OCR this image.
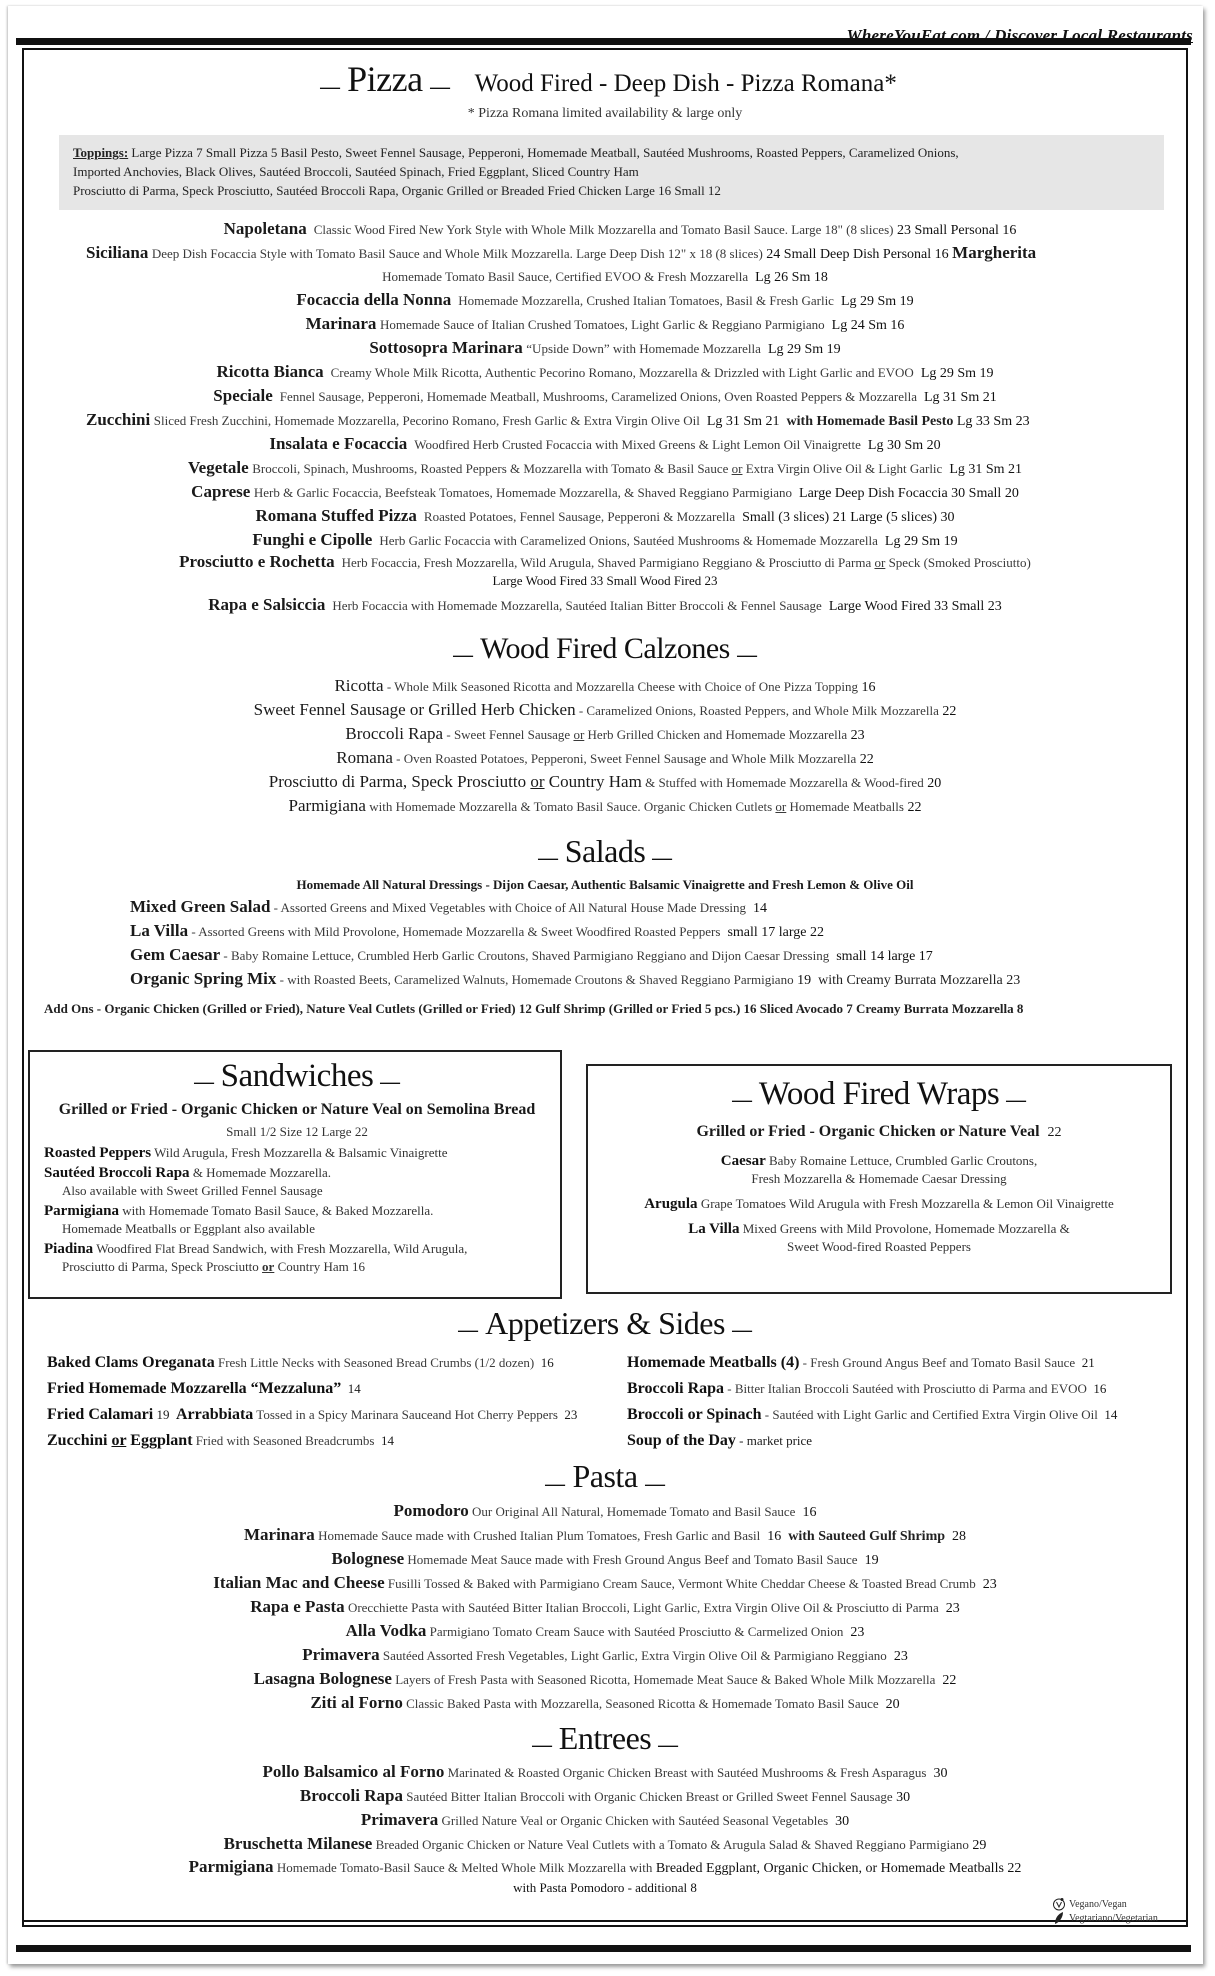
WhereYouEat.com / Discover Local Restaurants
– Pizza – Wood Fired - Deep Dish - Pizza Romana*
* Pizza Romana limited availability & large only
Toppings: Large Pizza 7 Small Pizza 5 Basil Pesto, Sweet Fennel Sausage, Pepperoni, Homemade Meatball, Sautéed Mushrooms, Roasted Peppers, Caramelized Onions,
Imported Anchovies, Black Olives, Sautéed Broccoli, Sautéed Spinach, Fried Eggplant, Sliced Country Ham
Prosciutto di Parma, Speck Prosciutto, Sautéed Broccoli Rapa, Organic Grilled or Breaded Fried Chicken Large 16 Small 12
Napoletana Classic Wood Fired New York Style with Whole Milk Mozzarella and Tomato Basil Sauce. Large 18" (8 slices) 23 Small Personal 16
Siciliana Deep Dish Focaccia Style with Tomato Basil Sauce and Whole Milk Mozzarella. Large Deep Dish 12" x 18 (8 slices) 24 Small Deep Dish Personal 16 Margherita
Homemade Tomato Basil Sauce, Certified EVOO & Fresh Mozzarella Lg 26 Sm 18
Focaccia della Nonna Homemade Mozzarella, Crushed Italian Tomatoes, Basil & Fresh Garlic Lg 29 Sm 19
Marinara Homemade Sauce of Italian Crushed Tomatoes, Light Garlic & Reggiano Parmigiano Lg 24 Sm 16
Sottosopra Marinara “Upside Down” with Homemade Mozzarella Lg 29 Sm 19
Ricotta Bianca Creamy Whole Milk Ricotta, Authentic Pecorino Romano, Mozzarella & Drizzled with Light Garlic and EVOO Lg 29 Sm 19
Speciale Fennel Sausage, Pepperoni, Homemade Meatball, Mushrooms, Caramelized Onions, Oven Roasted Peppers & Mozzarella Lg 31 Sm 21
Zucchini Sliced Fresh Zucchini, Homemade Mozzarella, Pecorino Romano, Fresh Garlic & Extra Virgin Olive Oil Lg 31 Sm 21 with Homemade Basil Pesto Lg 33 Sm 23
Insalata e Focaccia Woodfired Herb Crusted Focaccia with Mixed Greens & Light Lemon Oil Vinaigrette Lg 30 Sm 20
Vegetale Broccoli, Spinach, Mushrooms, Roasted Peppers & Mozzarella with Tomato & Basil Sauce or Extra Virgin Olive Oil & Light Garlic Lg 31 Sm 21
Caprese Herb & Garlic Focaccia, Beefsteak Tomatoes, Homemade Mozzarella, & Shaved Reggiano Parmigiano Large Deep Dish Focaccia 30 Small 20
Romana Stuffed Pizza Roasted Potatoes, Fennel Sausage, Pepperoni & Mozzarella Small (3 slices) 21 Large (5 slices) 30
Funghi e Cipolle Herb Garlic Focaccia with Caramelized Onions, Sautéed Mushrooms & Homemade Mozzarella Lg 29 Sm 19
Prosciutto e Rochetta Herb Focaccia, Fresh Mozzarella, Wild Arugula, Shaved Parmigiano Reggiano & Prosciutto di Parma or Speck (Smoked Prosciutto)
Large Wood Fired 33 Small Wood Fired 23
Rapa e Salsiccia Herb Focaccia with Homemade Mozzarella, Sautéed Italian Bitter Broccoli & Fennel Sausage Large Wood Fired 33 Small 23
– Wood Fired Calzones –
Ricotta - Whole Milk Seasoned Ricotta and Mozzarella Cheese with Choice of One Pizza Topping 16
Sweet Fennel Sausage or Grilled Herb Chicken - Caramelized Onions, Roasted Peppers, and Whole Milk Mozzarella 22
Broccoli Rapa - Sweet Fennel Sausage or Herb Grilled Chicken and Homemade Mozzarella 23
Romana - Oven Roasted Potatoes, Pepperoni, Sweet Fennel Sausage and Whole Milk Mozzarella 22
Prosciutto di Parma, Speck Prosciutto or Country Ham & Stuffed with Homemade Mozzarella & Wood-fired 20
Parmigiana with Homemade Mozzarella & Tomato Basil Sauce. Organic Chicken Cutlets or Homemade Meatballs 22
– Salads –
Homemade All Natural Dressings - Dijon Caesar, Authentic Balsamic Vinaigrette and Fresh Lemon & Olive Oil
Mixed Green Salad - Assorted Greens and Mixed Vegetables with Choice of All Natural House Made Dressing 14
La Villa - Assorted Greens with Mild Provolone, Homemade Mozzarella & Sweet Woodfired Roasted Peppers small 17 large 22
Gem Caesar - Baby Romaine Lettuce, Crumbled Herb Garlic Croutons, Shaved Parmigiano Reggiano and Dijon Caesar Dressing small 14 large 17
Organic Spring Mix - with Roasted Beets, Caramelized Walnuts, Homemade Croutons & Shaved Reggiano Parmigiano 19 with Creamy Burrata Mozzarella 23
Add Ons - Organic Chicken (Grilled or Fried), Nature Veal Cutlets (Grilled or Fried) 12 Gulf Shrimp (Grilled or Fried 5 pcs.) 16 Sliced Avocado 7 Creamy Burrata Mozzarella 8
– Sandwiches –
Grilled or Fried - Organic Chicken or Nature Veal on Semolina Bread
Small 1/2 Size 12 Large 22
Roasted Peppers Wild Arugula, Fresh Mozzarella & Balsamic Vinaigrette
Sautéed Broccoli Rapa & Homemade Mozzarella.
Also available with Sweet Grilled Fennel Sausage
Parmigiana with Homemade Tomato Basil Sauce, & Baked Mozzarella.
Homemade Meatballs or Eggplant also available
Piadina Woodfired Flat Bread Sandwich, with Fresh Mozzarella, Wild Arugula,
Prosciutto di Parma, Speck Prosciutto or Country Ham 16
– Wood Fired Wraps –
Grilled or Fried - Organic Chicken or Nature Veal 22
Caesar Baby Romaine Lettuce, Crumbled Garlic Croutons,
Fresh Mozzarella & Homemade Caesar Dressing
Arugula Grape Tomatoes Wild Arugula with Fresh Mozzarella & Lemon Oil Vinaigrette
La Villa Mixed Greens with Mild Provolone, Homemade Mozzarella &
Sweet Wood-fired Roasted Peppers
– Appetizers & Sides –
Baked Clams Oreganata Fresh Little Necks with Seasoned Bread Crumbs (1/2 dozen) 16
Fried Homemade Mozzarella “Mezzaluna” 14
Fried Calamari 19 Arrabbiata Tossed in a Spicy Marinara Sauceand Hot Cherry Peppers 23
Zucchini or Eggplant Fried with Seasoned Breadcrumbs 14
Homemade Meatballs (4) - Fresh Ground Angus Beef and Tomato Basil Sauce 21
Broccoli Rapa - Bitter Italian Broccoli Sautéed with Prosciutto di Parma and EVOO 16
Broccoli or Spinach - Sautéed with Light Garlic and Certified Extra Virgin Olive Oil 14
Soup of the Day - market price
– Pasta –
Pomodoro Our Original All Natural, Homemade Tomato and Basil Sauce 16
Marinara Homemade Sauce made with Crushed Italian Plum Tomatoes, Fresh Garlic and Basil 16 with Sauteed Gulf Shrimp 28
Bolognese Homemade Meat Sauce made with Fresh Ground Angus Beef and Tomato Basil Sauce 19
Italian Mac and Cheese Fusilli Tossed & Baked with Parmigiano Cream Sauce, Vermont White Cheddar Cheese & Toasted Bread Crumb 23
Rapa e Pasta Orecchiette Pasta with Sautéed Bitter Italian Broccoli, Light Garlic, Extra Virgin Olive Oil & Prosciutto di Parma 23
Alla Vodka Parmigiano Tomato Cream Sauce with Sautéed Prosciutto & Carmelized Onion 23
Primavera Sautéed Assorted Fresh Vegetables, Light Garlic, Extra Virgin Olive Oil & Parmigiano Reggiano 23
Lasagna Bolognese Layers of Fresh Pasta with Seasoned Ricotta, Homemade Meat Sauce & Baked Whole Milk Mozzarella 22
Ziti al Forno Classic Baked Pasta with Mozzarella, Seasoned Ricotta & Homemade Tomato Basil Sauce 20
– Entrees –
Pollo Balsamico al Forno Marinated & Roasted Organic Chicken Breast with Sautéed Mushrooms & Fresh Asparagus 30
Broccoli Rapa Sautéed Bitter Italian Broccoli with Organic Chicken Breast or Grilled Sweet Fennel Sausage 30
Primavera Grilled Nature Veal or Organic Chicken with Sautéed Seasonal Vegetables 30
Bruschetta Milanese Breaded Organic Chicken or Nature Veal Cutlets with a Tomato & Arugula Salad & Shaved Reggiano Parmigiano 29
Parmigiana Homemade Tomato-Basil Sauce & Melted Whole Milk Mozzarella with Breaded Eggplant, Organic Chicken, or Homemade Meatballs 22
with Pasta Pomodoro - additional 8
Vegano/Vegan
Vegtariano/Vegetarian
